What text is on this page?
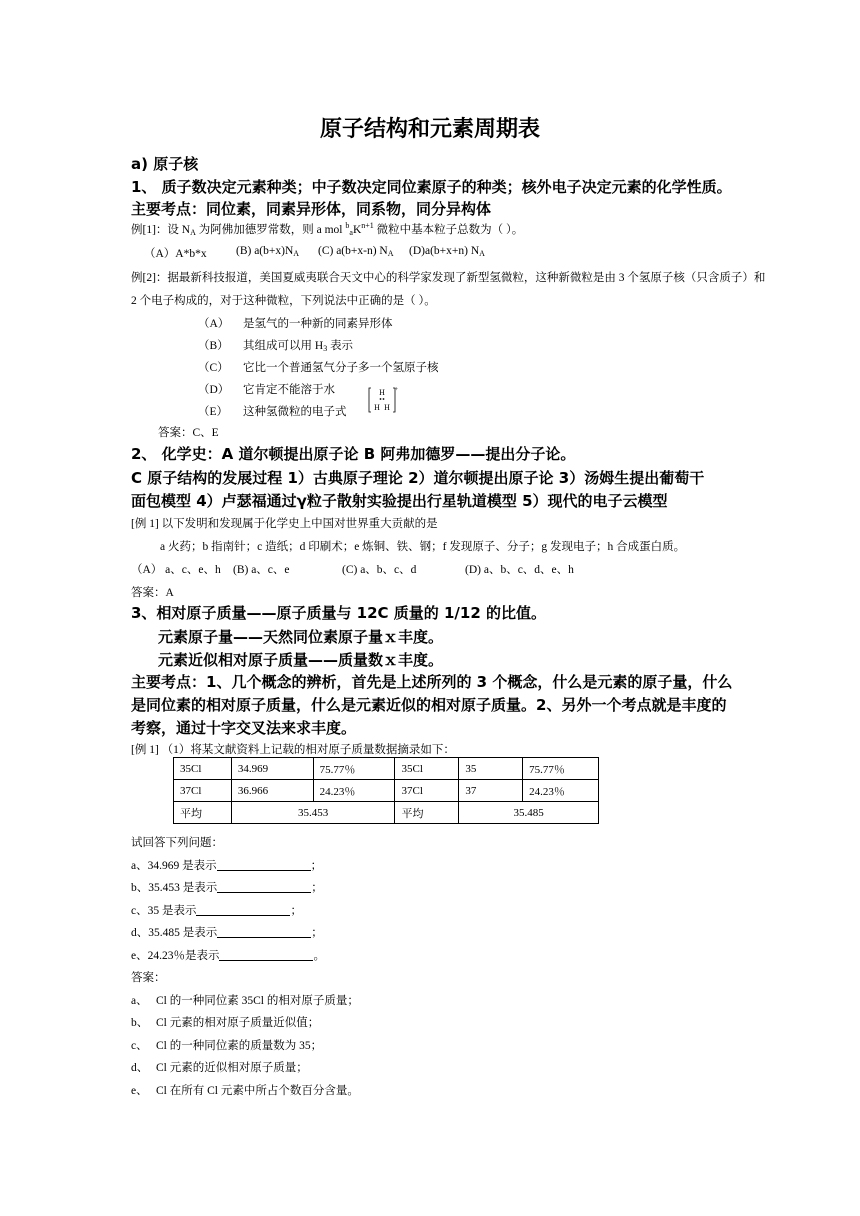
原子结构和元素周期表
a) 原子核
1、 质子数决定元素种类；中子数决定同位素原子的种类；核外电子决定元素的化学性质。
主要考点：同位素，同素异形体，同系物，同分异构体
例[1]：设 $N_A$ 为阿佛加德罗常数，则 a mol $^b_aK^{n+1}$ 微粒中基本粒子总数为（ ）。
（A）A*b*x	(B) $a(b+x)N_A$ (C) a(b+x-n) $N_A$ (D)a(b+x+n) $N_A$
例[2]：据最新科技报道，美国夏威夷联合天文中心的科学家发现了新型氢微粒，这种新微粒是由 3 个氢原子核（只含质子）和
2 个电子构成的，对于这种微粒，下列说法中正确的是（ ）。
（A） 是氢气的一种新的同素异形体
（B） 其组成可以用 $H_3$ 表示
（C） 它比一个普通氢气分子多一个氢原子核
（D） 它肯定不能溶于水
（E） 这种氢微粒的电子式
H
H H
+
答案：C、E
2、 化学史：A 道尔顿提出原子论 B 阿弗加德罗——提出分子论。
C 原子结构的发展过程 1）古典原子理论 2）道尔顿提出原子论 3）汤姆生提出葡萄干
面包模型 4）卢瑟福通过γ粒子散射实验提出行星轨道模型 5）现代的电子云模型
[例 1] 以下发明和发现属于化学史上中国对世界重大贡献的是
a 火药；b 指南针；c 造纸；d 印刷术；e 炼铜、铁、钢；f 发现原子、分子；g 发现电子；h 合成蛋白质。
（A） a、c、e、h (B) a、c、e	(C) a、b、c、d	(D) a、b、c、d、e、h
答案：A
3、相对原子质量——原子质量与 12C 质量的 1/12 的比值。
元素原子量——天然同位素原子量ｘ丰度。
元素近似相对原子质量——质量数ｘ丰度。
主要考点：1、几个概念的辨析，首先是上述所列的 3 个概念，什么是元素的原子量，什么
是同位素的相对原子质量，什么是元素近似的相对原子质量。2、另外一个考点就是丰度的
考察，通过十字交叉法来求丰度。
[例 1] （1）将某文献资料上记载的相对原子质量数据摘录如下：
35Cl	34.969	75.77％	35Cl	35	75.77％
37Cl	36.966	24.23％	37Cl	37	24.23％
平均	35.453		平均	35.485	
试回答下列问题：
a、34.969 是表示	；
b、35.453 是表示	；
c、35 是表示	；
d、35.485 是表示	；
e、24.23％是表示	。
答案：
a、 Cl 的一种同位素 35Cl 的相对原子质量；
b、 Cl 元素的相对原子质量近似值；
c、 Cl 的一种同位素的质量数为 35；
d、 Cl 元素的近似相对原子质量；
e、 Cl 在所有 Cl 元素中所占个数百分含量。
